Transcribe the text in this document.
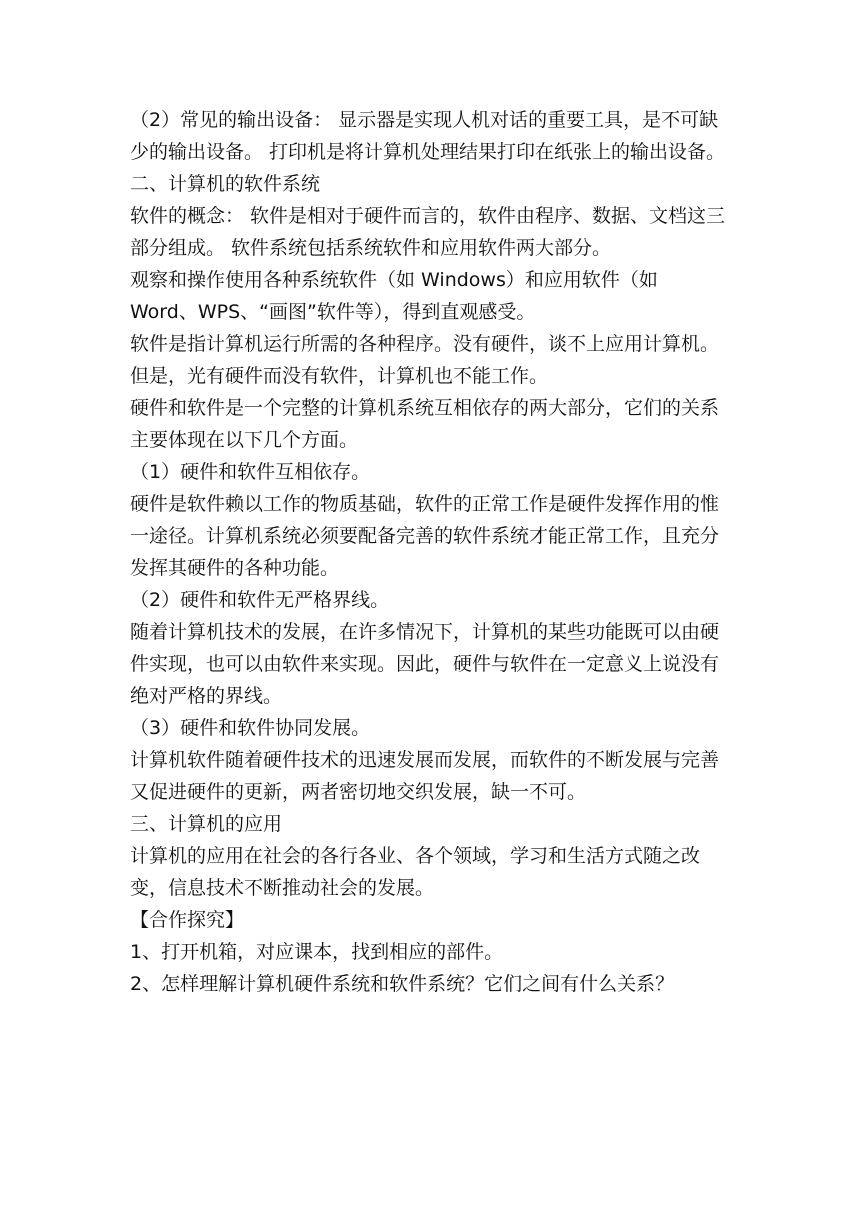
（2）常见的输出设备： 显示器是实现人机对话的重要工具，是不可缺少的输出设备。 打印机是将计算机处理结果打印在纸张上的输出设备。

二、计算机的软件系统

软件的概念： 软件是相对于硬件而言的，软件由程序、数据、文档这三部分组成。 软件系统包括系统软件和应用软件两大部分。

观察和操作使用各种系统软件（如 Windows）和应用软件（如 Word、WPS、“画图”软件等），得到直观感受。

软件是指计算机运行所需的各种程序。没有硬件，谈不上应用计算机。但是，光有硬件而没有软件，计算机也不能工作。

硬件和软件是一个完整的计算机系统互相依存的两大部分，它们的关系主要体现在以下几个方面。

（1）硬件和软件互相依存。

硬件是软件赖以工作的物质基础，软件的正常工作是硬件发挥作用的惟一途径。计算机系统必须要配备完善的软件系统才能正常工作，且充分发挥其硬件的各种功能。

（2）硬件和软件无严格界线。

随着计算机技术的发展，在许多情况下，计算机的某些功能既可以由硬件实现，也可以由软件来实现。因此，硬件与软件在一定意义上说没有绝对严格的界线。

（3）硬件和软件协同发展。

计算机软件随着硬件技术的迅速发展而发展，而软件的不断发展与完善又促进硬件的更新，两者密切地交织发展，缺一不可。

三、计算机的应用

计算机的应用在社会的各行各业、各个领域，学习和生活方式随之改变，信息技术不断推动社会的发展。

【合作探究】

1、打开机箱，对应课本，找到相应的部件。

2、怎样理解计算机硬件系统和软件系统？它们之间有什么关系？
